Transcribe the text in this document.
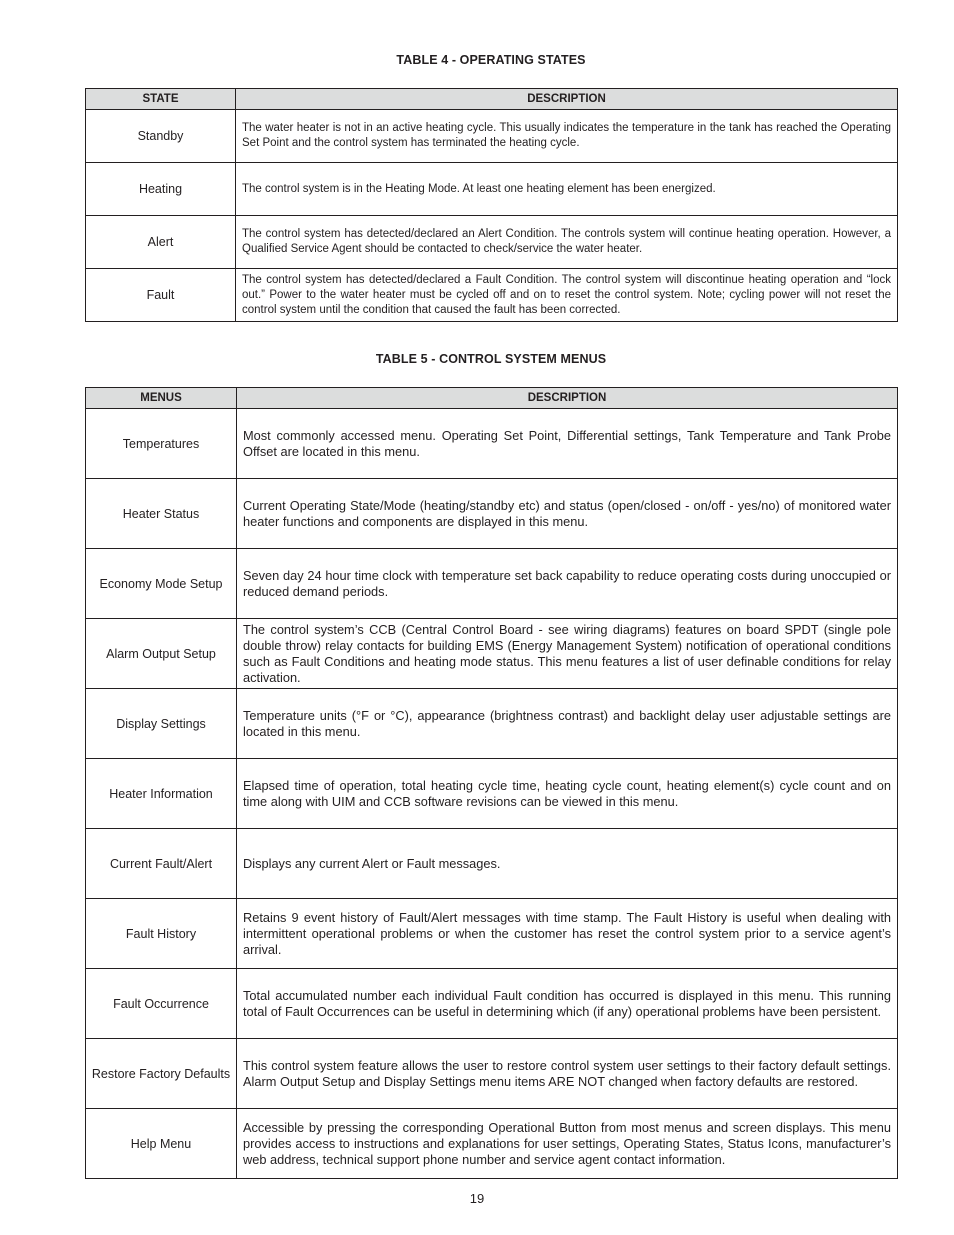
TABLE 4 - OPERATING STATES
STATE	DESCRIPTION
Standby	The water heater is not in an active heating cycle. This usually indicates the temperature in the tank has reached the Operating Set Point and the control system has terminated the heating cycle.
Heating	The control system is in the Heating Mode. At least one heating element has been energized.
Alert	The control system has detected/declared an Alert Condition. The controls system will continue heating operation. However, a Qualified Service Agent should be contacted to check/service the water heater.
Fault	The control system has detected/declared a Fault Condition. The control system will discontinue heating operation and “lock out.” Power to the water heater must be cycled off and on to reset the control system. Note; cycling power will not reset the control system until the condition that caused the fault has been corrected.
TABLE 5 - CONTROL SYSTEM MENUS
MENUS	DESCRIPTION
Temperatures	Most commonly accessed menu. Operating Set Point, Differential settings, Tank Temperature and Tank Probe Offset are located in this menu.
Heater Status	Current Operating State/Mode (heating/standby etc) and status (open/closed - on/off - yes/no) of monitored water heater functions and components are displayed in this menu.
Economy Mode Setup	Seven day 24 hour time clock with temperature set back capability to reduce operating costs during unoccupied or reduced demand periods.
Alarm Output Setup	The control system’s CCB (Central Control Board - see wiring diagrams) features on board SPDT (single pole double throw) relay contacts for building EMS (Energy Management System) notification of operational conditions such as Fault Conditions and heating mode status. This menu features a list of user definable conditions for relay activation.
Display Settings	Temperature units (°F or °C), appearance (brightness contrast) and backlight delay user adjustable settings are located in this menu.
Heater Information	Elapsed time of operation, total heating cycle time, heating cycle count, heating element(s) cycle count and on time along with UIM and CCB software revisions can be viewed in this menu.
Current Fault/Alert	Displays any current Alert or Fault messages.
Fault History	Retains 9 event history of Fault/Alert messages with time stamp. The Fault History is useful when dealing with intermittent operational problems or when the customer has reset the control system prior to a service agent’s arrival.
Fault Occurrence	Total accumulated number each individual Fault condition has occurred is displayed in this menu. This running total of Fault Occurrences can be useful in determining which (if any) operational problems have been persistent.
Restore Factory Defaults	This control system feature allows the user to restore control system user settings to their factory default settings. Alarm Output Setup and Display Settings menu items ARE NOT changed when factory defaults are restored.
Help Menu	Accessible by pressing the corresponding Operational Button from most menus and screen displays. This menu provides access to instructions and explanations for user settings, Operating States, Status Icons, manufacturer’s web address, technical support phone number and service agent contact information.
19
